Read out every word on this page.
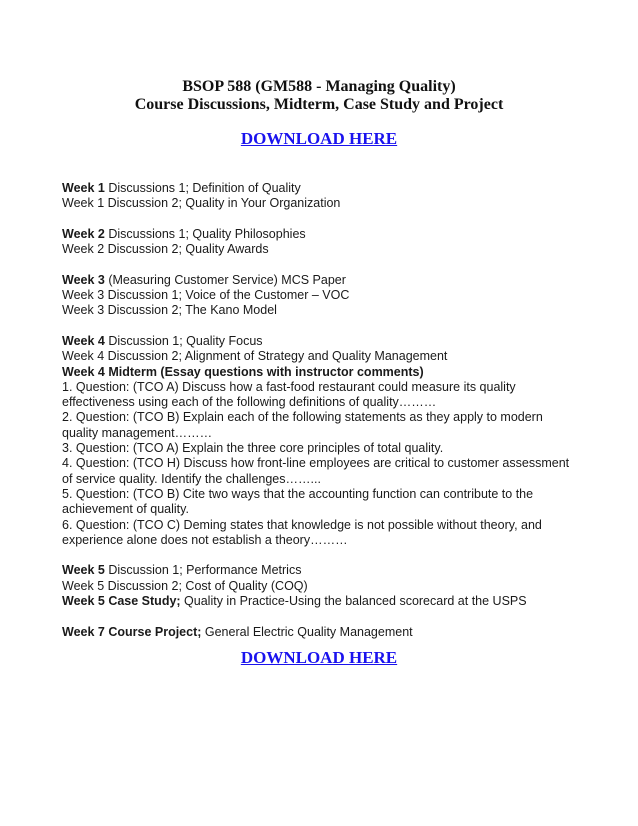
BSOP 588 (GM588 - Managing Quality)
Course Discussions, Midterm, Case Study and Project
DOWNLOAD HERE
Week 1 Discussions 1; Definition of Quality
Week 1 Discussion 2; Quality in Your Organization
Week 2 Discussions 1; Quality Philosophies
Week 2 Discussion 2; Quality Awards
Week 3 (Measuring Customer Service) MCS Paper
Week 3 Discussion 1; Voice of the Customer – VOC
Week 3 Discussion 2; The Kano Model
Week 4 Discussion 1; Quality Focus
Week 4 Discussion 2; Alignment of Strategy and Quality Management
Week 4 Midterm (Essay questions with instructor comments)
1. Question: (TCO A) Discuss how a fast-food restaurant could measure its quality effectiveness using each of the following definitions of quality………
2. Question: (TCO B) Explain each of the following statements as they apply to modern quality management………
3. Question: (TCO A) Explain the three core principles of total quality.
4. Question: (TCO H) Discuss how front-line employees are critical to customer assessment of service quality. Identify the challenges……...
5. Question: (TCO B) Cite two ways that the accounting function can contribute to the achievement of quality.
6. Question: (TCO C) Deming states that knowledge is not possible without theory, and experience alone does not establish a theory………
Week 5 Discussion 1; Performance Metrics
Week 5 Discussion 2; Cost of Quality (COQ)
Week 5 Case Study; Quality in Practice-Using the balanced scorecard at the USPS
Week 7 Course Project; General Electric Quality Management
DOWNLOAD HERE
